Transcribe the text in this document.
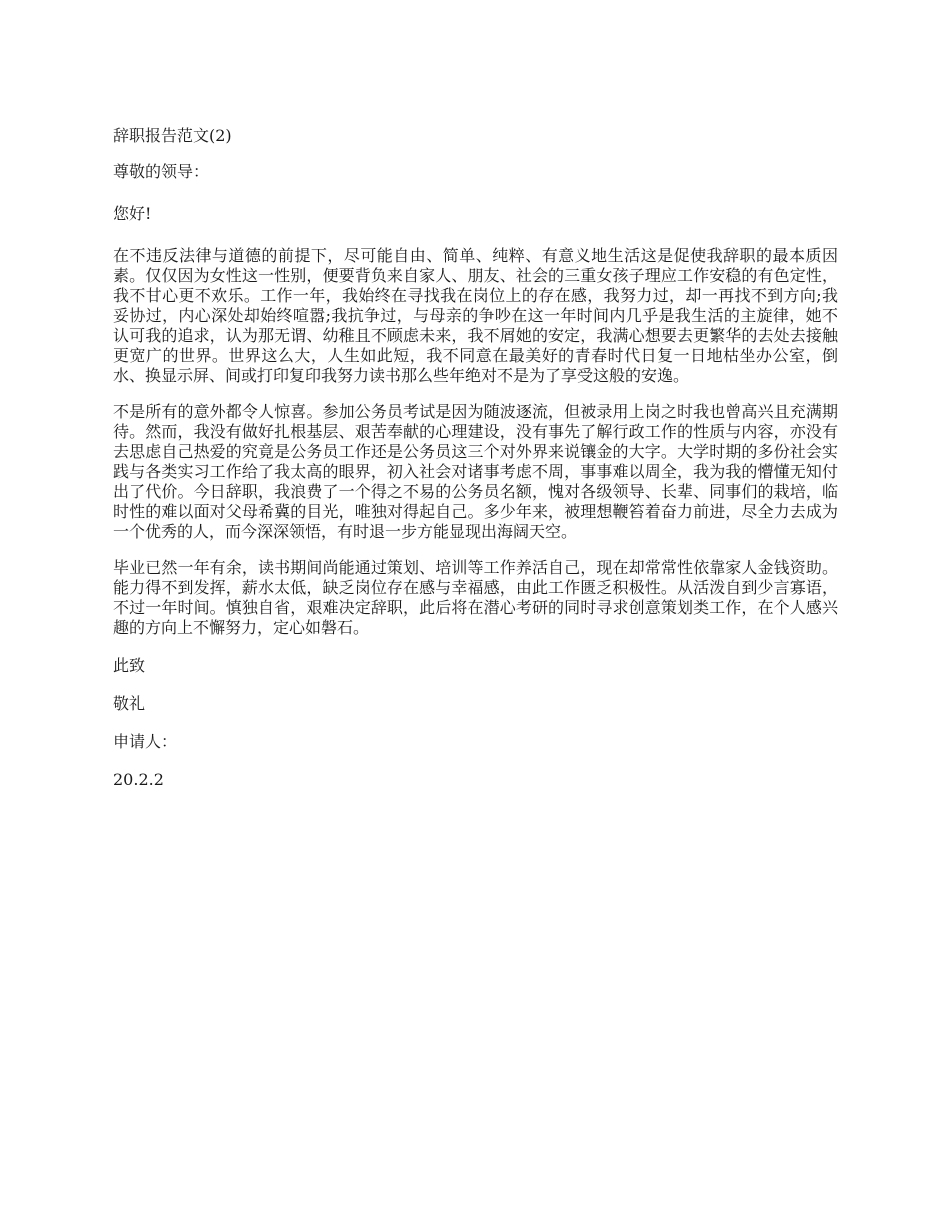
辞职报告范文(2)

尊敬的领导：

您好!

在不违反法律与道德的前提下，尽可能自由、简单、纯粹、有意义地生活这是促使我辞职的最本质因素。仅仅因为女性这一性别，便要背负来自家人、朋友、社会的三重女孩子理应工作安稳的有色定性，我不甘心更不欢乐。工作一年，我始终在寻找我在岗位上的存在感，我努力过，却一再找不到方向;我妥协过，内心深处却始终喧嚣;我抗争过，与母亲的争吵在这一年时间内几乎是我生活的主旋律，她不认可我的追求，认为那无谓、幼稚且不顾虑未来，我不屑她的安定，我满心想要去更繁华的去处去接触更宽广的世界。世界这么大，人生如此短，我不同意在最美好的青春时代日复一日地枯坐办公室，倒水、换显示屏、间或打印复印我努力读书那么些年绝对不是为了享受这般的安逸。

不是所有的意外都令人惊喜。参加公务员考试是因为随波逐流，但被录用上岗之时我也曾高兴且充满期待。然而，我没有做好扎根基层、艰苦奉献的心理建设，没有事先了解行政工作的性质与内容，亦没有去思虑自己热爱的究竟是公务员工作还是公务员这三个对外界来说镶金的大字。大学时期的多份社会实践与各类实习工作给了我太高的眼界，初入社会对诸事考虑不周，事事难以周全，我为我的懵懂无知付出了代价。今日辞职，我浪费了一个得之不易的公务员名额，愧对各级领导、长辈、同事们的栽培，临时性的难以面对父母希冀的目光，唯独对得起自己。多少年来，被理想鞭笞着奋力前进，尽全力去成为一个优秀的人，而今深深领悟，有时退一步方能显现出海阔天空。

毕业已然一年有余，读书期间尚能通过策划、培训等工作养活自己，现在却常常性依靠家人金钱资助。能力得不到发挥，薪水太低，缺乏岗位存在感与幸福感，由此工作匮乏积极性。从活泼自到少言寡语，不过一年时间。慎独自省，艰难决定辞职，此后将在潜心考研的同时寻求创意策划类工作，在个人感兴趣的方向上不懈努力，定心如磐石。

此致

敬礼

申请人：

20.2.2
